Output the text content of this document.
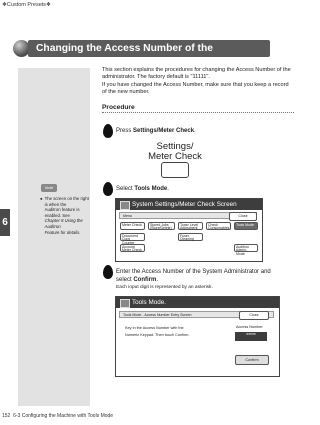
❖Custom Presets❖
6
Changing the Access Number of the Administrator
This section explains the procedures for changing the Access Number of the
administrator. The factory default is "11111".
If you have changed the Access Number, make sure that you keep a record
of the new number.
Procedure
Press Settings/Meter Check.
Settings/
Meter Check
Note
● The screen on the right is when the
Auditron feature is enabled. See
Chapter 8 Using the Auditron
Feature for details.
Select Tools Mode.
System Settings/Meter Check Screen
Menu	Close
Meter Check	Stored Jobs (Store/Delete)
Toner Level Adjustment
Check Consumables
Tools Mode
Document Copy
Fuser Cleaning
Account Meter Check
Auditron Admin. Mode
Enter the Access Number of the System Administrator and
select Confirm.
Each input digit is represented by an asterisk.
Tools Mode.
Tools Mode - Access Number Entry Screen	Close
Key in the Access Number with the
Numeric Keypad. Then touch Confirm.
Access Number
*****
Confirm
152 6-3 Configuring the Machine with Tools Mode
